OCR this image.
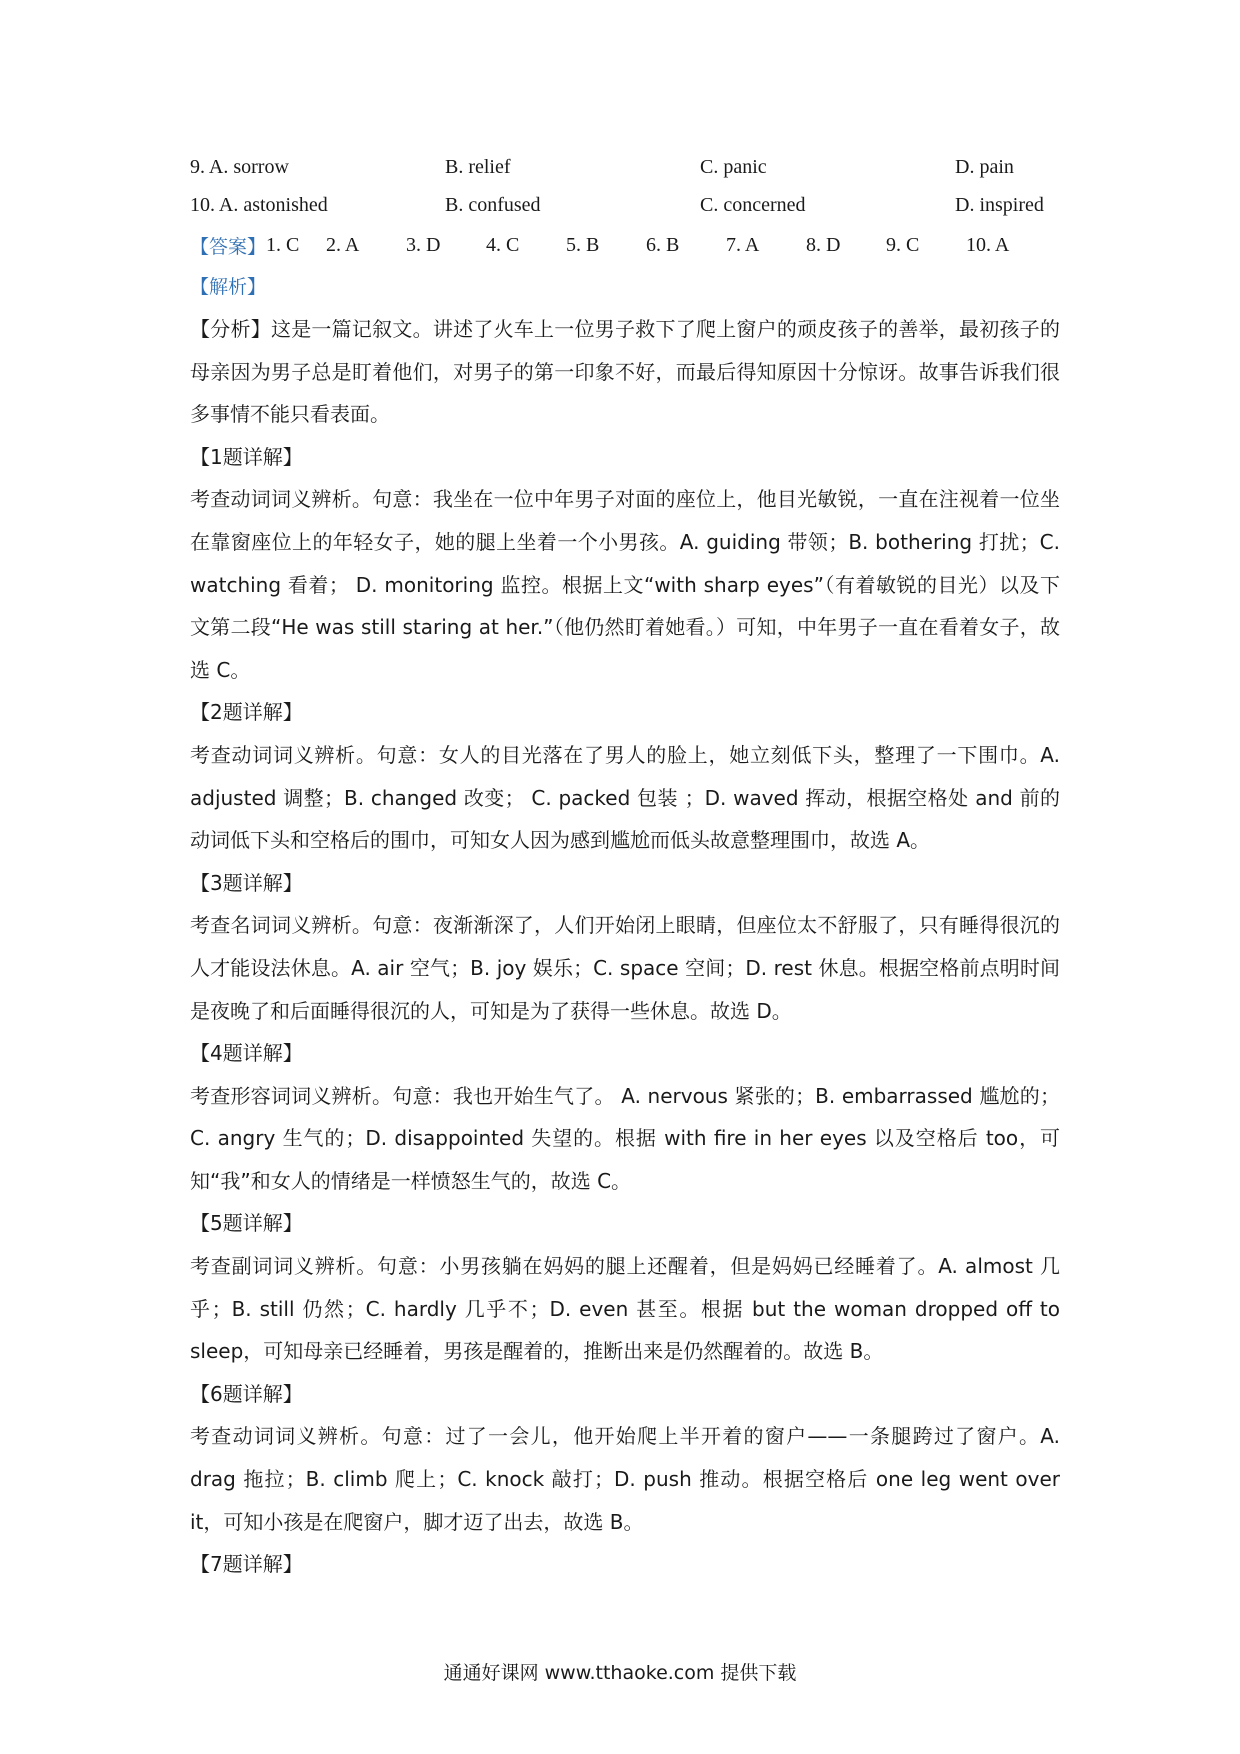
9. A. sorrow	B. relief	C. panic	D. pain
10. A. astonished	B. confused	C. concerned	D. inspired
【答案】 1. C	2. A	3. D	4. C	5. B	6. B	7. A	8. D	9. C	10. A
【解析】
【分析】这是一篇记叙文。讲述了火车上一位男子救下了爬上窗户的顽皮孩子的善举，最初孩子的母亲因为男子总是盯着他们，对男子的第一印象不好，而最后得知原因十分惊讶。故事告诉我们很多事情不能只看表面。
【1题详解】
考查动词词义辨析。句意：我坐在一位中年男子对面的座位上，他目光敏锐，一直在注视着一位坐在靠窗座位上的年轻女子，她的腿上坐着一个小男孩。A. guiding 带领；B. bothering 打扰；C. watching 看着； D. monitoring 监控。根据上文“with sharp eyes”（有着敏锐的目光）以及下文第二段“He was still staring at her.”（他仍然盯着她看。）可知，中年男子一直在看着女子，故选 C。
【2题详解】
考查动词词义辨析。句意：女人的目光落在了男人的脸上，她立刻低下头，整理了一下围巾。A. adjusted 调整；B. changed 改变； C. packed 包装 ；D. waved 挥动，根据空格处 and 前的动词低下头和空格后的围巾，可知女人因为感到尴尬而低头故意整理围巾，故选 A。
【3题详解】
考查名词词义辨析。句意：夜渐渐深了，人们开始闭上眼睛，但座位太不舒服了，只有睡得很沉的人才能设法休息。A. air 空气；B. joy 娱乐；C. space 空间；D. rest 休息。根据空格前点明时间是夜晚了和后面睡得很沉的人，可知是为了获得一些休息。故选 D。
【4题详解】
考查形容词词义辨析。句意：我也开始生气了。 A. nervous 紧张的；B. embarrassed 尴尬的；C. angry 生气的；D. disappointed 失望的。根据 with fire in her eyes 以及空格后 too，可知“我”和女人的情绪是一样愤怒生气的，故选 C。
【5题详解】
考查副词词义辨析。句意：小男孩躺在妈妈的腿上还醒着，但是妈妈已经睡着了。A. almost 几乎；B. still 仍然；C. hardly 几乎不；D. even 甚至。根据 but the woman dropped off to sleep，可知母亲已经睡着，男孩是醒着的，推断出来是仍然醒着的。故选 B。
【6题详解】
考查动词词义辨析。句意：过了一会儿，他开始爬上半开着的窗户——一条腿跨过了窗户。A. drag 拖拉；B. climb 爬上；C. knock 敲打；D. push 推动。根据空格后 one leg went over it，可知小孩是在爬窗户，脚才迈了出去，故选 B。
【7题详解】
通通好课网 www.tthaoke.com 提供下载
